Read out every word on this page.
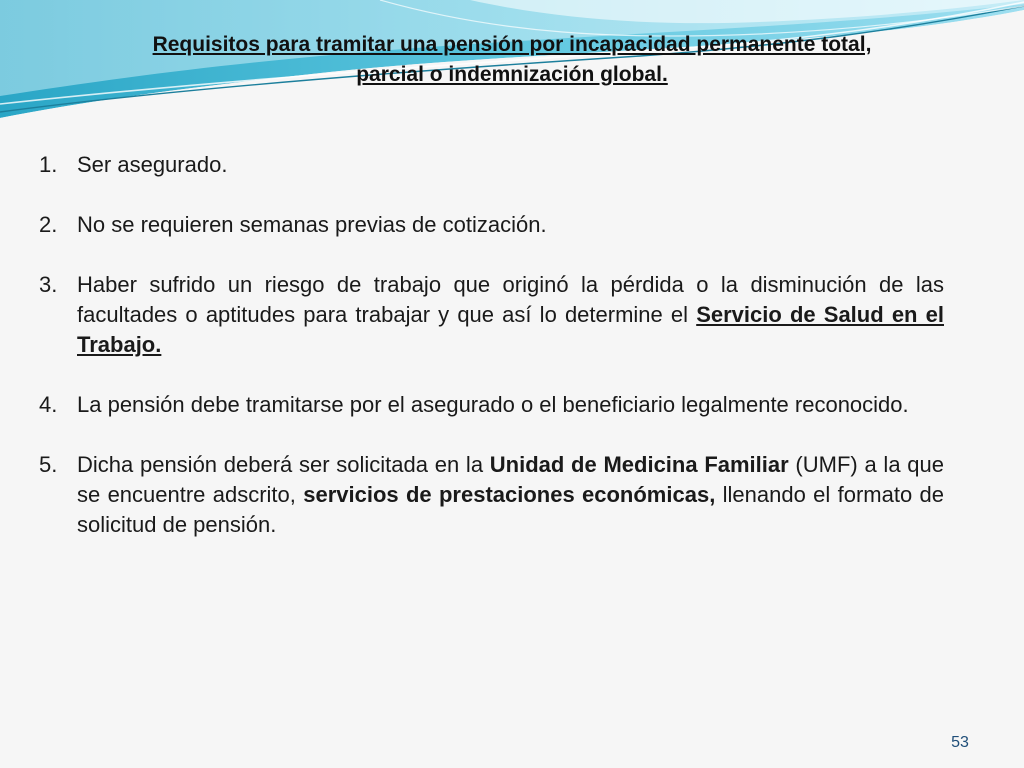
Requisitos para tramitar una pensión por incapacidad permanente total,
parcial o indemnización global.
1. Ser asegurado.
2. No se requieren semanas previas de cotización.
3. Haber sufrido un riesgo de trabajo que originó la pérdida o la disminución de las facultades o aptitudes para trabajar y que así lo determine el Servicio de Salud en el Trabajo.
4. La pensión debe tramitarse por el asegurado o el beneficiario legalmente reconocido.
5. Dicha pensión deberá ser solicitada en la Unidad de Medicina Familiar (UMF) a la que se encuentre adscrito, servicios de prestaciones económicas, llenando el formato de solicitud de pensión.
53
